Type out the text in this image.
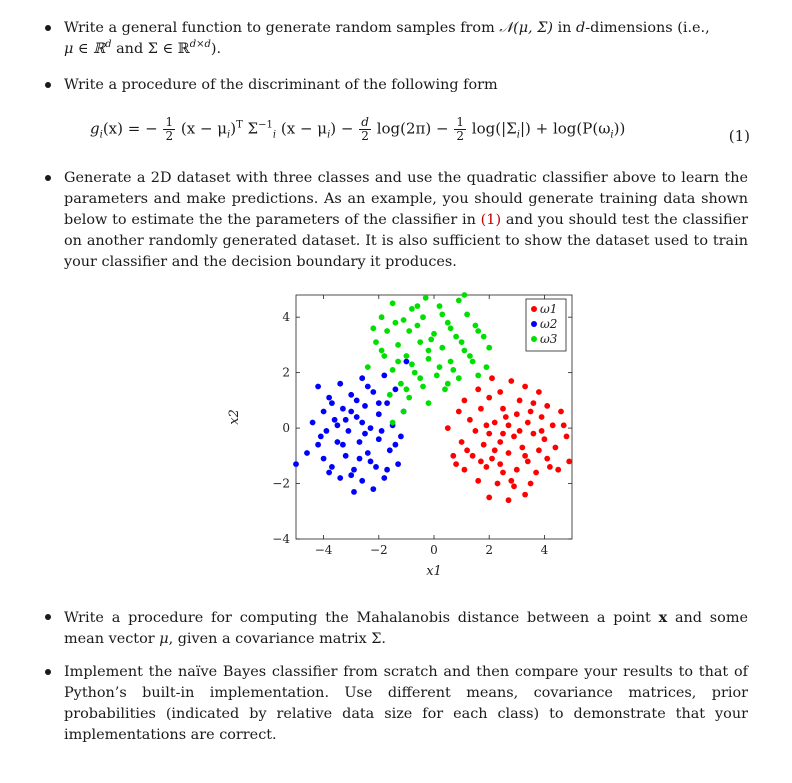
Write a general function to generate random samples from 𝒩(μ, Σ) in d-dimensions (i.e.,
μ ∈ ℝ$^d$ and Σ ∈ ℝ$^{d\times d}$).
Write a procedure of the discriminant of the following form
$g_i(x)$ = − $\frac{1}{2} (x - \mu_i)^T$ $\Sigma^{-1}_i$ $(x - \mu_i) - \frac{d}{2} \log(2\pi) - \frac{1}{2} \log(|\Sigma_i|) + \log(P(\omega_i))$	(1)
Generate a 2D dataset with three classes and use the quadratic classifier above to learn the parameters and make predictions. As an example, you should generate training data shown below to estimate the the parameters of the classifier in (1) and you should test the classifier on another randomly generated dataset. It is also sufficient to show the dataset used to train your classifier and the decision boundary it produces.
−4	−2	0	2	4
−4
−2
0
2
4
x1
x2
ω1
ω2
ω3
Write a procedure for computing the Mahalanobis distance between a point x and some mean vector μ, given a covariance matrix Σ.
Implement the naïve Bayes classifier from scratch and then compare your results to that of Python’s built-in implementation. Use different means, covariance matrices, prior probabilities (indicated by relative data size for each class) to demonstrate that your implementations are correct.
